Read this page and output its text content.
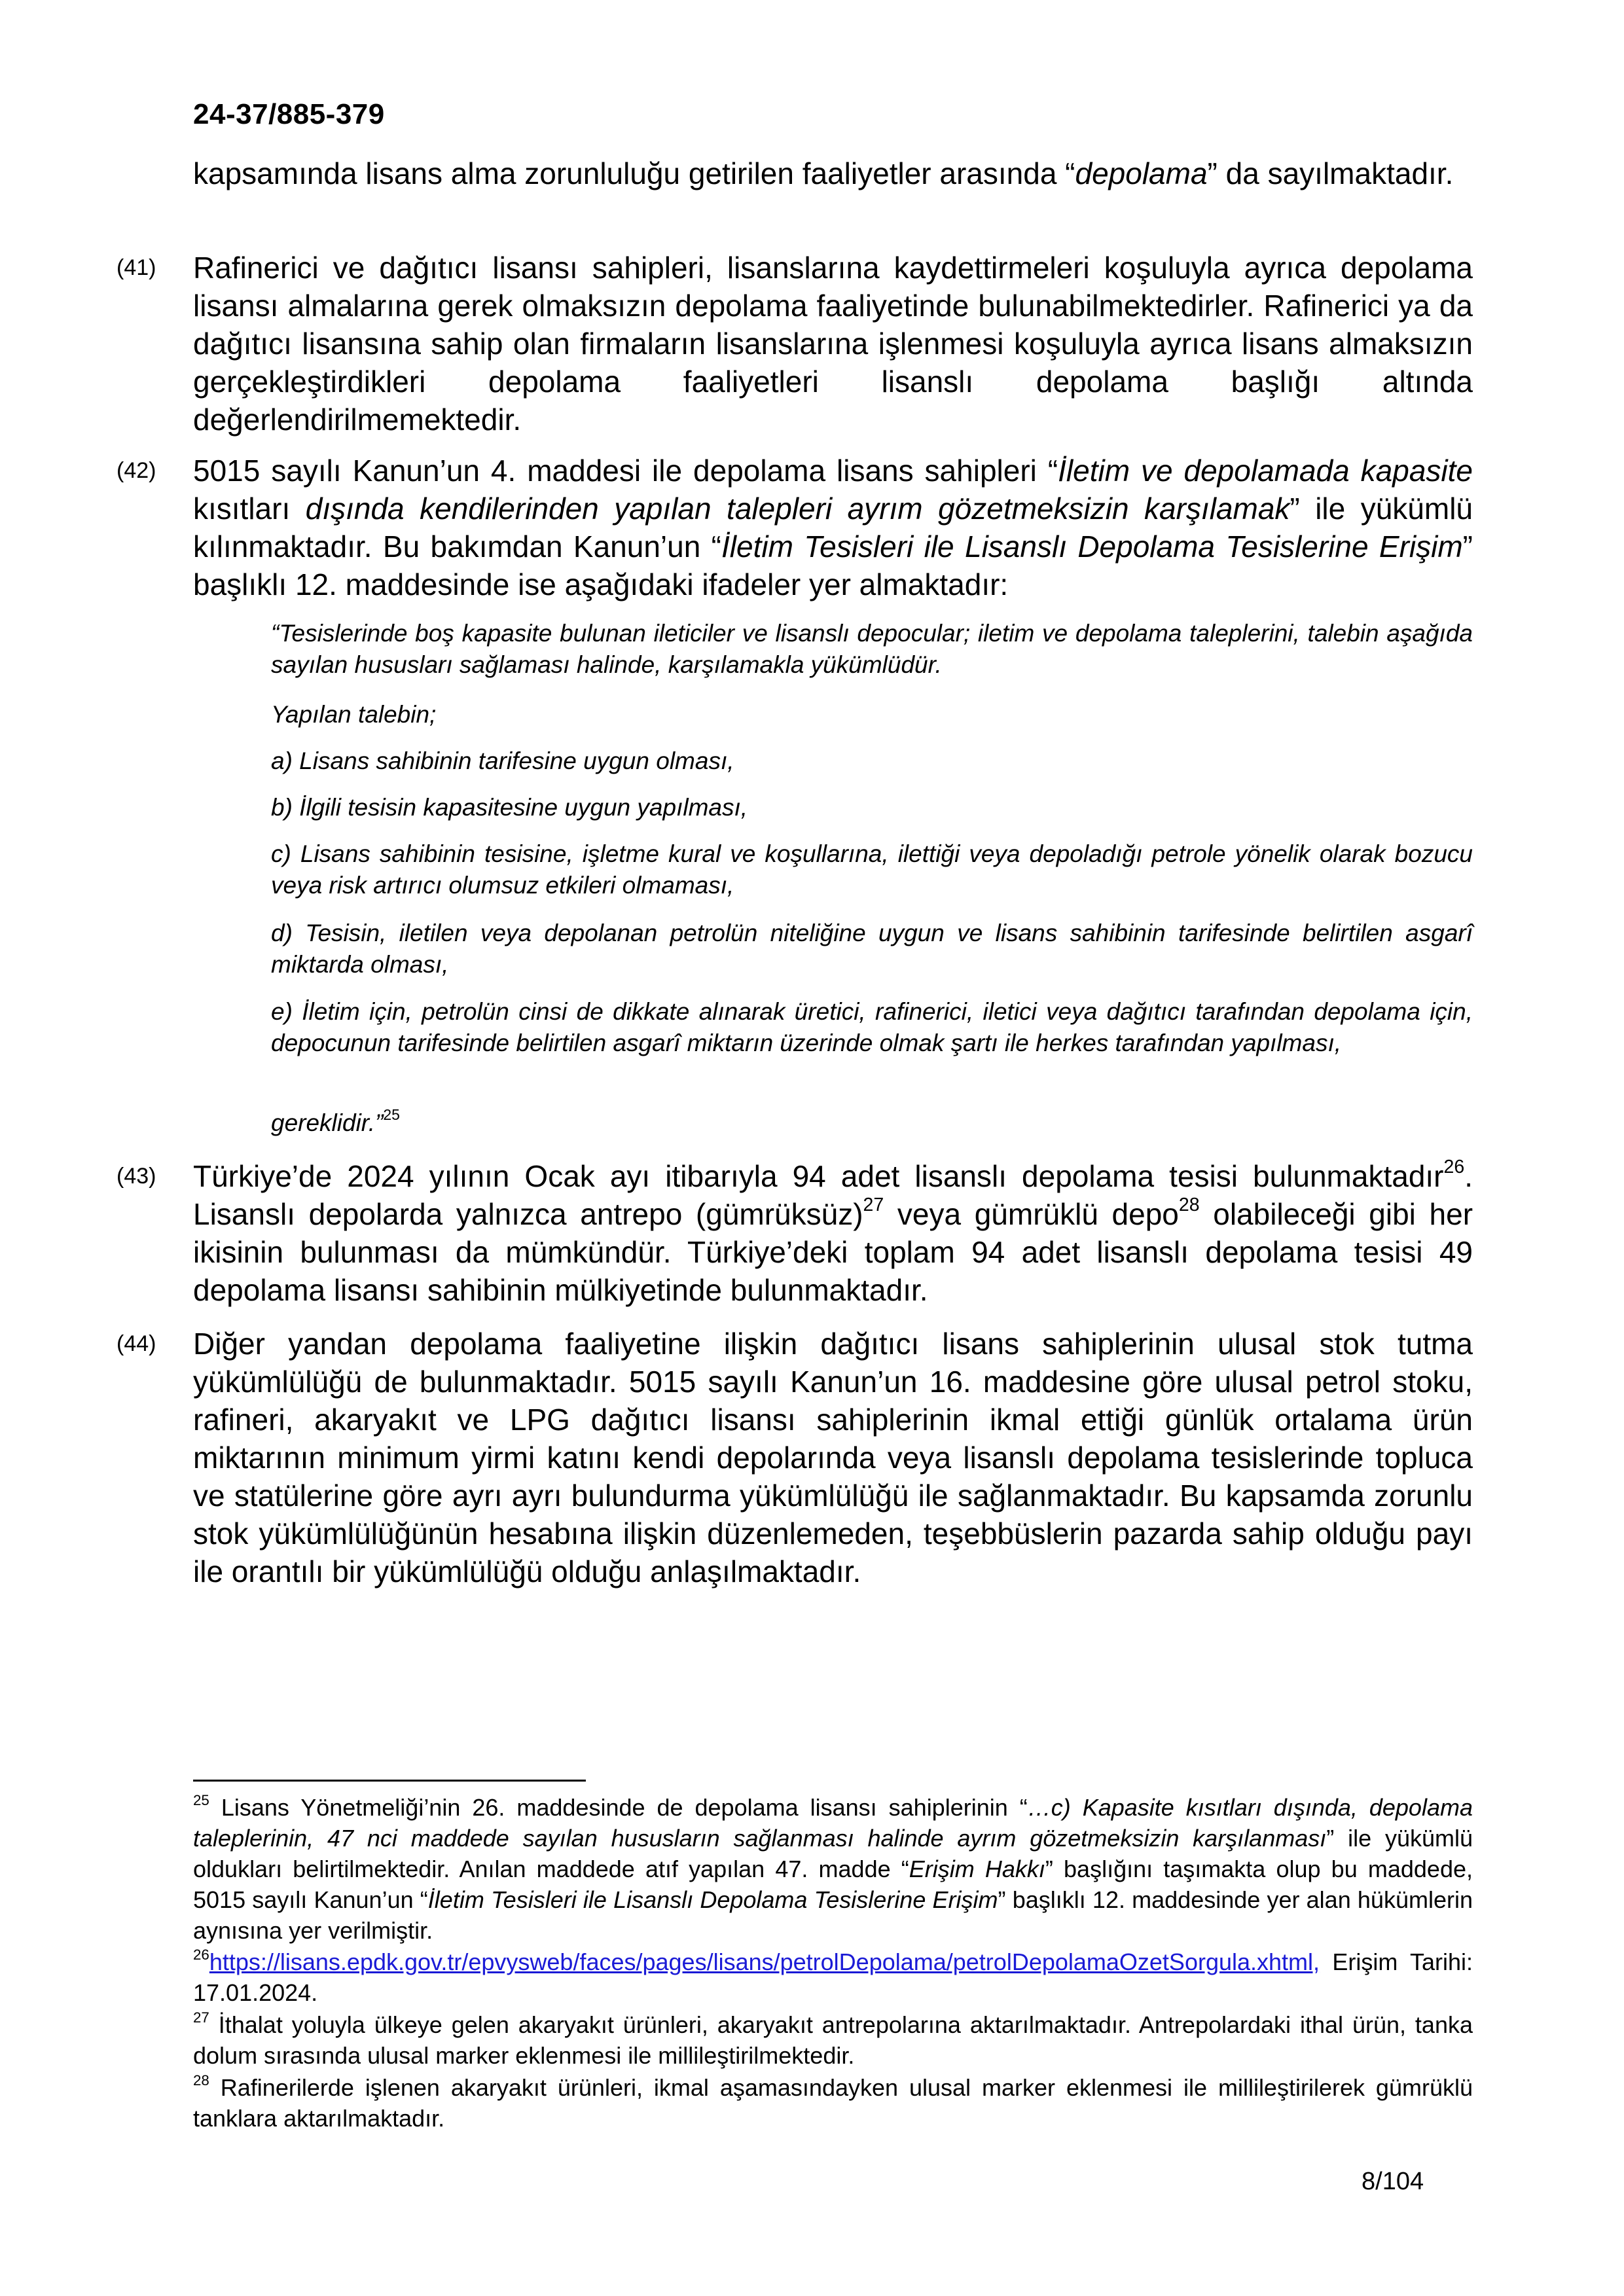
24-37/885-379
kapsamında lisans alma zorunluluğu getirilen faaliyetler arasında “depolama” da sayılmaktadır.
(41) Rafinerici ve dağıtıcı lisansı sahipleri, lisanslarına kaydettirmeleri koşuluyla ayrıca depolama lisansı almalarına gerek olmaksızın depolama faaliyetinde bulunabilmektedirler. Rafinerici ya da dağıtıcı lisansına sahip olan firmaların lisanslarına işlenmesi koşuluyla ayrıca lisans almaksızın gerçekleştirdikleri depolama faaliyetleri lisanslı depolama başlığı altında değerlendirilmemektedir.
(42) 5015 sayılı Kanun’un 4. maddesi ile depolama lisans sahipleri “İletim ve depolamada kapasite kısıtları dışında kendilerinden yapılan talepleri ayrım gözetmeksizin karşılamak” ile yükümlü kılınmaktadır. Bu bakımdan Kanun’un “İletim Tesisleri ile Lisanslı Depolama Tesislerine Erişim” başlıklı 12. maddesinde ise aşağıdaki ifadeler yer almaktadır:
“Tesislerinde boş kapasite bulunan ileticiler ve lisanslı depocular; iletim ve depolama taleplerini, talebin aşağıda sayılan hususları sağlaması halinde, karşılamakla yükümlüdür.
Yapılan talebin;
a) Lisans sahibinin tarifesine uygun olması,
b) İlgili tesisin kapasitesine uygun yapılması,
c) Lisans sahibinin tesisine, işletme kural ve koşullarına, ilettiği veya depoladığı petrole yönelik olarak bozucu veya risk artırıcı olumsuz etkileri olmaması,
d) Tesisin, iletilen veya depolanan petrolün niteliğine uygun ve lisans sahibinin tarifesinde belirtilen asgarî miktarda olması,
e) İletim için, petrolün cinsi de dikkate alınarak üretici, rafinerici, iletici veya dağıtıcı tarafından depolama için, depocunun tarifesinde belirtilen asgarî miktarın üzerinde olmak şartı ile herkes tarafından yapılması,
gereklidir.”$^{25}$
(43) Türkiye’de 2024 yılının Ocak ayı itibarıyla 94 adet lisanslı depolama tesisi bulunmaktadır$^{26}$. Lisanslı depolarda yalnızca antrepo (gümrüksüz)$^{27}$ veya gümrüklü depo$^{28}$ olabileceği gibi her ikisinin bulunması da mümkündür. Türkiye’deki toplam 94 adet lisanslı depolama tesisi 49 depolama lisansı sahibinin mülkiyetinde bulunmaktadır.
(44) Diğer yandan depolama faaliyetine ilişkin dağıtıcı lisans sahiplerinin ulusal stok tutma yükümlülüğü de bulunmaktadır. 5015 sayılı Kanun’un 16. maddesine göre ulusal petrol stoku, rafineri, akaryakıt ve LPG dağıtıcı lisansı sahiplerinin ikmal ettiği günlük ortalama ürün miktarının minimum yirmi katını kendi depolarında veya lisanslı depolama tesislerinde topluca ve statülerine göre ayrı ayrı bulundurma yükümlülüğü ile sağlanmaktadır. Bu kapsamda zorunlu stok yükümlülüğünün hesabına ilişkin düzenlemeden, teşebbüslerin pazarda sahip olduğu payı ile orantılı bir yükümlülüğü olduğu anlaşılmaktadır.
$^{25}$ Lisans Yönetmeliği’nin 26. maddesinde de depolama lisansı sahiplerinin “…c) Kapasite kısıtları dışında, depolama taleplerinin, 47 nci maddede sayılan hususların sağlanması halinde ayrım gözetmeksizin karşılanması” ile yükümlü oldukları belirtilmektedir. Anılan maddede atıf yapılan 47. madde “Erişim Hakkı” başlığını taşımakta olup bu maddede, 5015 sayılı Kanun’un “İletim Tesisleri ile Lisanslı Depolama Tesislerine Erişim” başlıklı 12. maddesinde yer alan hükümlerin aynısına yer verilmiştir.
$^{26}$https://lisans.epdk.gov.tr/epvysweb/faces/pages/lisans/petrolDepolama/petrolDepolamaOzetSorgula.xhtml, Erişim Tarihi: 17.01.2024.
$^{27}$ İthalat yoluyla ülkeye gelen akaryakıt ürünleri, akaryakıt antrepolarına aktarılmaktadır. Antrepolardaki ithal ürün, tanka dolum sırasında ulusal marker eklenmesi ile millileştirilmektedir.
$^{28}$ Rafinerilerde işlenen akaryakıt ürünleri, ikmal aşamasındayken ulusal marker eklenmesi ile millileştirilerek gümrüklü tanklara aktarılmaktadır.
8/104
